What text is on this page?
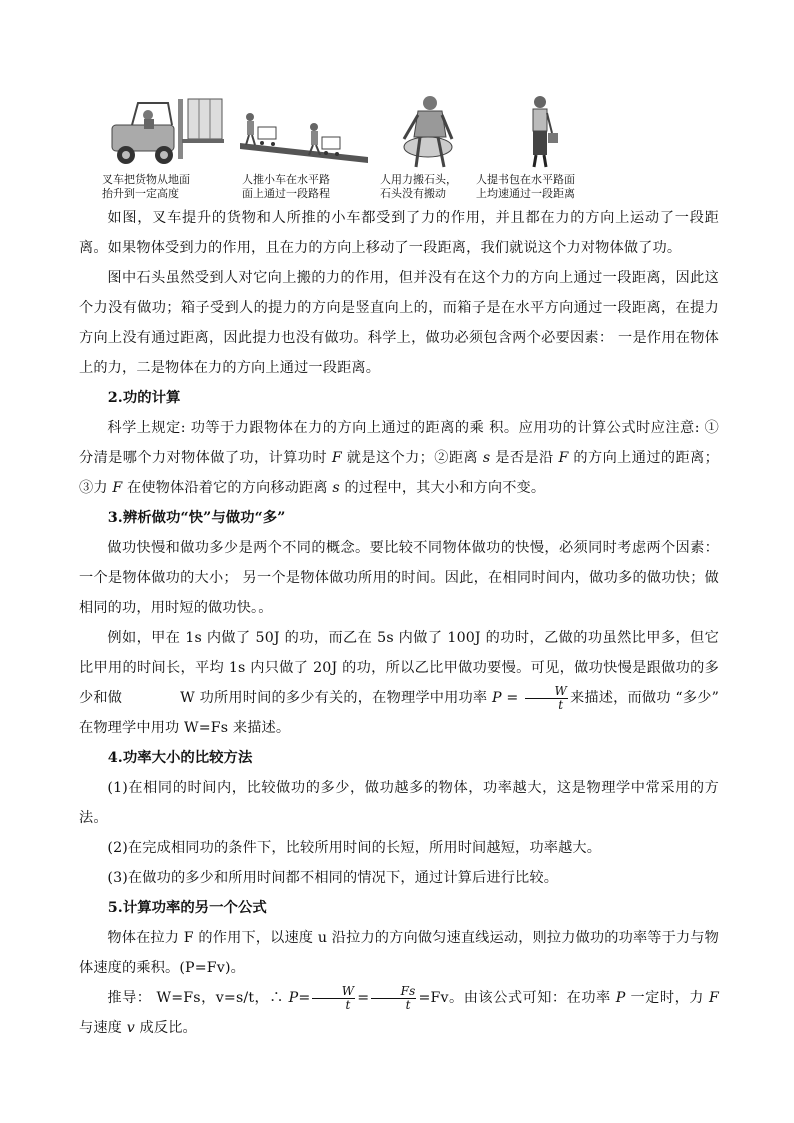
叉车把货物从地面
抬升到一定高度
人推小车在水平路
面上通过一段路程
人用力搬石头，
石头没有搬动
人提书包在水平路面
上均速通过一段距离

如图，叉车提升的货物和人所推的小车都受到了力的作用，并且都在力的方向上运动了一段距离。如果物体受到力的作用，且在力的方向上移动了一段距离，我们就说这个力对物体做了功。

图中石头虽然受到人对它向上搬的力的作用，但并没有在这个力的方向上通过一段距离，因此这个力没有做功；箱子受到人的提力的方向是竖直向上的，而箱子是在水平方向通过一段距离，在提力方向上没有通过距离，因此提力也没有做功。科学上，做功必须包含两个必要因素： 一是作用在物体上的力，二是物体在力的方向上通过一段距离。

2.功的计算

科学上规定: 功等于力跟物体在力的方向上通过的距离的乘 积。应用功的计算公式时应注意: ①分清是哪个力对物体做了功，计算功时 F 就是这个力；②距离 s 是否是沿 F 的方向上通过的距离；③力 F 在使物体沿着它的方向移动距离 s 的过程中，其大小和方向不变。

3.辨析做功“快”与做功“多”

做功快慢和做功多少是两个不同的概念。要比较不同物体做功的快慢，必须同时考虑两个因素： 一个是物体做功的大小； 另一个是物体做功所用的时间。因此，在相同时间内，做功多的做功快；做相同的功，用时短的做功快。。

例如，甲在 1s 内做了 50J 的功，而乙在 5s 内做了 100J 的功时，乙做的功虽然比甲多，但它比甲用的时间长，平均 1s 内只做了 20J 的功，所以乙比甲做功要慢。可见，做功快慢是跟做功的多少和做	W 功所用时间的多少有关的，在物理学中用功率 $P = \frac{W}{t}$ 来描述，而做功 “多少” 在物理学中用功 W=Fs 来描述。

4.功率大小的比较方法

(1)在相同的时间内，比较做功的多少，做功越多的物体，功率越大，这是物理学中常采用的方法。

(2)在完成相同功的条件下，比较所用时间的长短，所用时间越短，功率越大。

(3)在做功的多少和所用时间都不相同的情况下，通过计算后进行比较。

5.计算功率的另一个公式

物体在拉力 F 的作用下，以速度 u 沿拉力的方向做匀速直线运动，则拉力做功的功率等于力与物体速度的乘积。(P=Fv)。

推导： W=Fs，v=s/t，∴ $P= \frac{W}{t} = \frac{Fs}{t} =Fv$。由该公式可知：在功率 P 一定时，力 F 与速度 v 成反比。
